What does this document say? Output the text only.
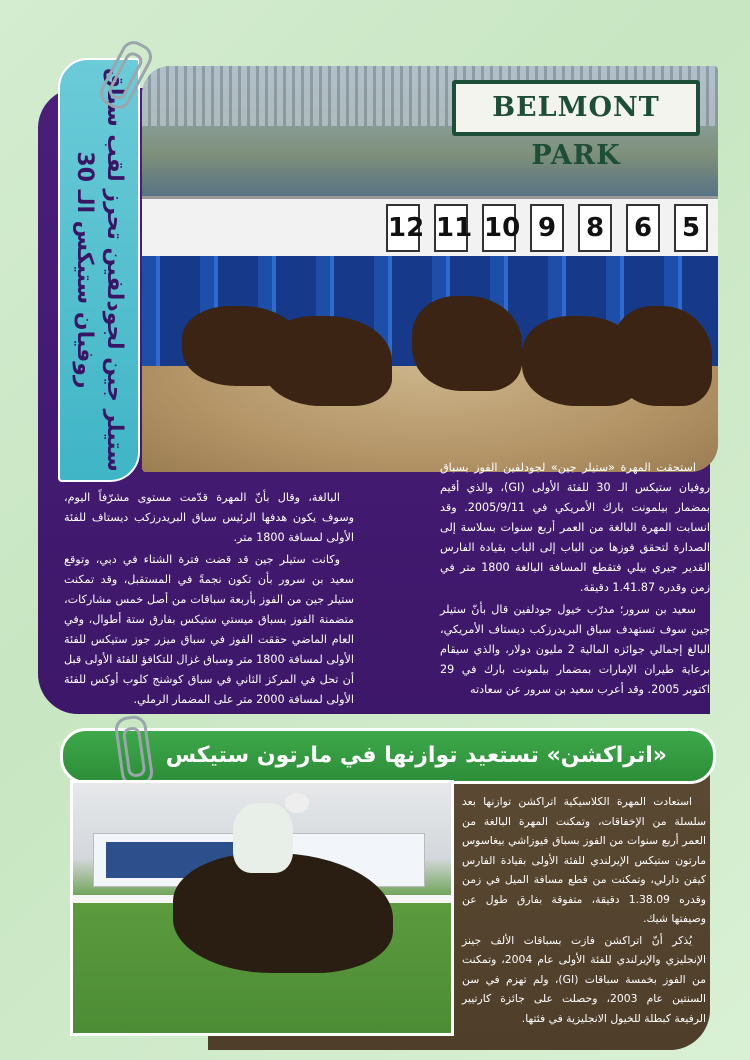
BELMONT PARK
12 11 10 9	8	6	5
ستيلر جين لجودلفين تحرز لقب سباق روفيان ستيكس الـ 30

استحقت المهرة «ستيلر جين» لجودلفين الفوز بسباق روفيان ستيكس الـ 30 للفئة الأولى (GI)، والذي أقيم بمضمار بيلمونت بارك الأمريكي في 2005/9/11. وقد انسابت المهرة البالغة من العمر أربع سنوات بسلاسة إلى الصدارة لتحقق فوزها من الباب إلى الباب بقيادة الفارس القدير جيري بيلي فتقطع المسافة البالغة 1800 متر في زمن وقدره 1.41.87 دقيقة.

سعيد بن سرور؛ مدرّب خيول جودلفين قال بأنّ ستيلر جين سوف تستهدف سباق البريدرزكب ديستاف الأمريكي، البالغ إجمالي جوائزه المالية 2 مليون دولار، والذي سيقام برعاية طيران الإمارات بمضمار بيلمونت بارك في 29 اكتوبر 2005. وقد أعرب سعيد بن سرور عن سعادته

البالغة، وقال بأنّ المهرة قدّمت مستوى مشرّفاً اليوم، وسوف يكون هدفها الرئيس سباق البريدرزكب ديستاف للفئة الأولى لمسافة 1800 متر.

وكانت ستيلر جين قد قضت فترة الشتاء في دبي، وتوقع سعيد بن سرور بأن تكون نجمةً في المستقبل، وقد تمكنت ستيلر جين من الفوز بأربعة سباقات من أصل خمس مشاركات، متضمنة الفوز بسباق ميستي ستيكس بفارق ستة أطوال، وفي العام الماضي حققت الفوز في سباق ميزر جوز ستيكس للفئة الأولى لمسافة 1800 متر وسباق غزال للتكافؤ للفئة الأولى قبل أن تحل في المركز الثاني في سباق كوشنج كلوب أوكس للفئة الأولى لمسافة 2000 متر على المضمار الرملي.

«اتراكشن» تستعيد توازنها في مارتون ستيكس

استعادت المهرة الكلاسيكية اتراكشن توازنها بعد سلسلة من الإخفاقات، وتمكنت المهرة البالغة من العمر أربع سنوات من الفوز بسباق فيوزاشي بيغاسوس مارتون ستيكس الإيرلندي للفئة الأولى بقيادة الفارس كيفن دارلي، وتمكنت من قطع مسافة الميل في زمن وقدره 1.38.09 دقيقة، متفوقة بفارق طول عن وصيفتها شيك.

يُذكر أنّ اتراكشن فازت بسباقات الألف جينز الإنجليزي والإيرلندي للفئة الأولى عام 2004، وتمكنت من الفوز بخمسة سباقات (GI)، ولم تهزم في سن السنتين عام 2003، وحصلت على جائزة كارتيير الرفيعة كبطلة للخيول الانجليزية في فئتها.
